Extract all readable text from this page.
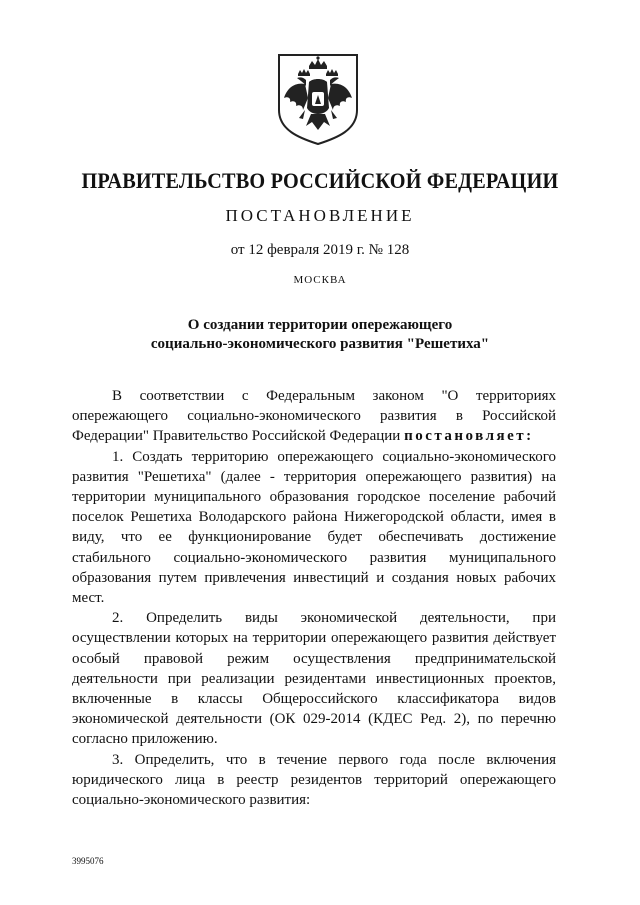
ПРАВИТЕЛЬСТВО РОССИЙСКОЙ ФЕДЕРАЦИИ
ПОСТАНОВЛЕНИЕ
от 12 февраля 2019 г. № 128
МОСКВА
О создании территории опережающего
социально-экономического развития "Решетиха"

В соответствии с Федеральным законом "О территориях опережающего социально-экономического развития в Российской Федерации" Правительство Российской Федерации постановляет:

1. Создать территорию опережающего социально-экономического развития "Решетиха" (далее - территория опережающего развития) на территории муниципального образования городское поселение рабочий поселок Решетиха Володарского района Нижегородской области, имея в виду, что ее функционирование будет обеспечивать достижение стабильного социально-экономического развития муниципального образования путем привлечения инвестиций и создания новых рабочих мест.

2. Определить виды экономической деятельности, при осуществлении которых на территории опережающего развития действует особый правовой режим осуществления предпринимательской деятельности при реализации резидентами инвестиционных проектов, включенные в классы Общероссийского классификатора видов экономической деятельности (ОК 029-2014 (КДЕС Ред. 2), по перечню согласно приложению.

3. Определить, что в течение первого года после включения юридического лица в реестр резидентов территорий опережающего социально-экономического развития:

3995076
